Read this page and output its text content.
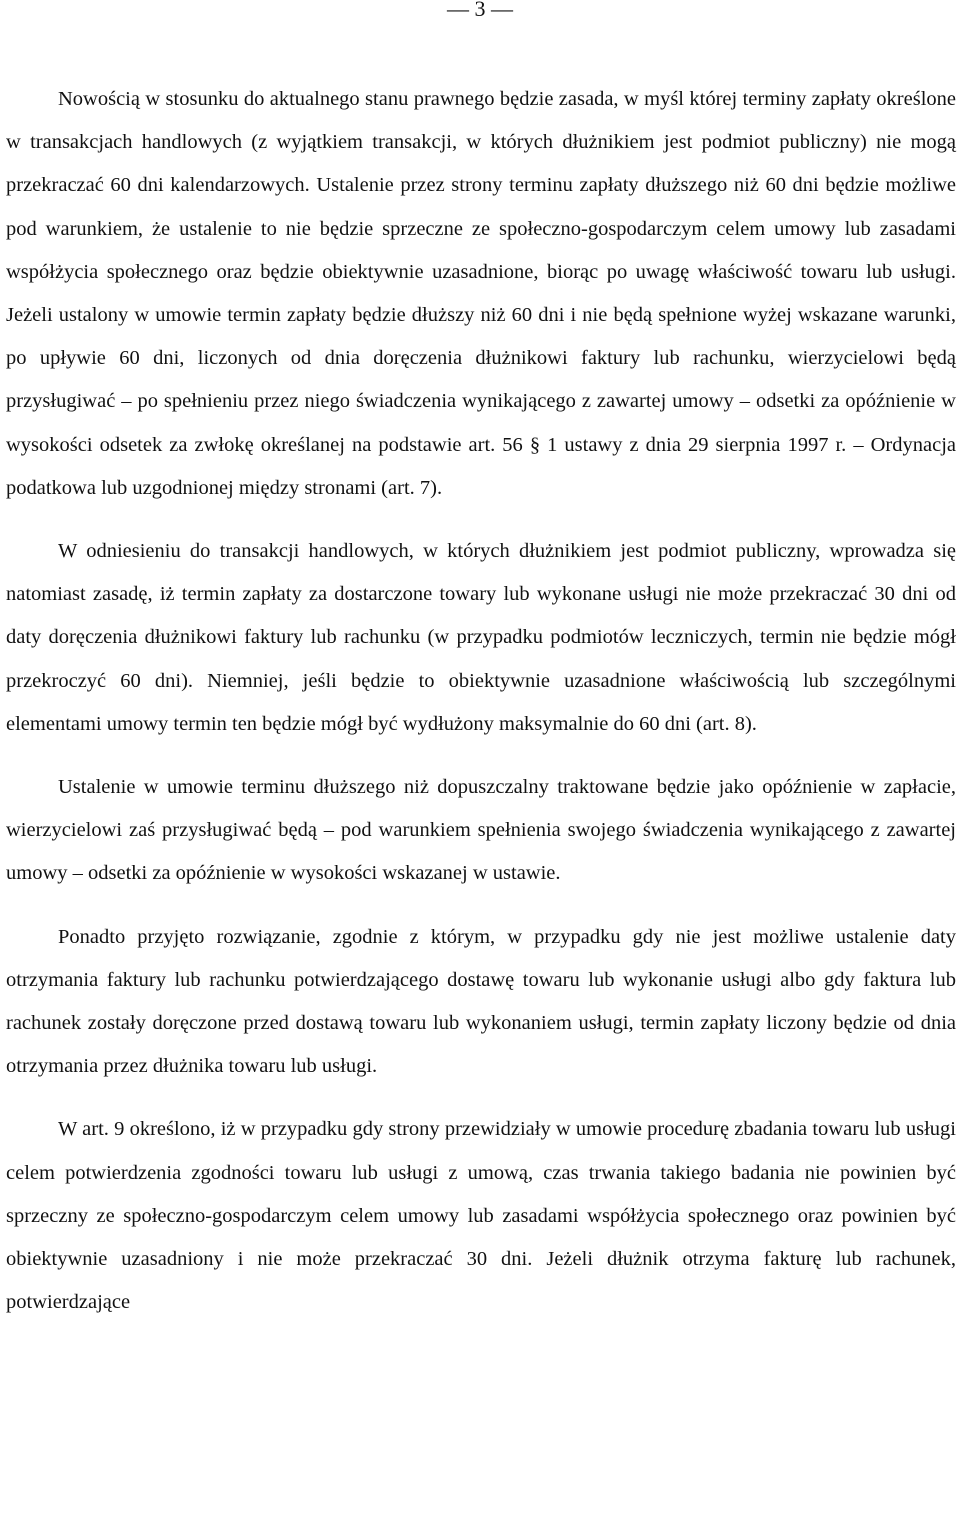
— 3 —

Nowością w stosunku do aktualnego stanu prawnego będzie zasada, w myśl której terminy zapłaty określone w transakcjach handlowych (z wyjątkiem transakcji, w których dłużnikiem jest podmiot publiczny) nie mogą przekraczać 60 dni kalendarzowych. Ustalenie przez strony terminu zapłaty dłuższego niż 60 dni będzie możliwe pod warunkiem, że ustalenie to nie będzie sprzeczne ze społeczno-gospodarczym celem umowy lub zasadami współżycia społecznego oraz będzie obiektywnie uzasadnione, biorąc po uwagę właściwość towaru lub usługi. Jeżeli ustalony w umowie termin zapłaty będzie dłuższy niż 60 dni i nie będą spełnione wyżej wskazane warunki, po upływie 60 dni, liczonych od dnia doręczenia dłużnikowi faktury lub rachunku, wierzycielowi będą przysługiwać – po spełnieniu przez niego świadczenia wynikającego z zawartej umowy – odsetki za opóźnienie w wysokości odsetek za zwłokę określanej na podstawie art. 56 § 1 ustawy z dnia 29 sierpnia 1997 r. – Ordynacja podatkowa lub uzgodnionej między stronami (art. 7).

W odniesieniu do transakcji handlowych, w których dłużnikiem jest podmiot publiczny, wprowadza się natomiast zasadę, iż termin zapłaty za dostarczone towary lub wykonane usługi nie może przekraczać 30 dni od daty doręczenia dłużnikowi faktury lub rachunku (w przypadku podmiotów leczniczych, termin nie będzie mógł przekroczyć 60 dni). Niemniej, jeśli będzie to obiektywnie uzasadnione właściwością lub szczególnymi elementami umowy termin ten będzie mógł być wydłużony maksymalnie do 60 dni (art. 8).

Ustalenie w umowie terminu dłuższego niż dopuszczalny traktowane będzie jako opóźnienie w zapłacie, wierzycielowi zaś przysługiwać będą – pod warunkiem spełnienia swojego świadczenia wynikającego z zawartej umowy – odsetki za opóźnienie w wysokości wskazanej w ustawie.

Ponadto przyjęto rozwiązanie, zgodnie z którym, w przypadku gdy nie jest możliwe ustalenie daty otrzymania faktury lub rachunku potwierdzającego dostawę towaru lub wykonanie usługi albo gdy faktura lub rachunek zostały doręczone przed dostawą towaru lub wykonaniem usługi, termin zapłaty liczony będzie od dnia otrzymania przez dłużnika towaru lub usługi.

W art. 9 określono, iż w przypadku gdy strony przewidziały w umowie procedurę zbadania towaru lub usługi celem potwierdzenia zgodności towaru lub usługi z umową, czas trwania takiego badania nie powinien być sprzeczny ze społeczno-gospodarczym celem umowy lub zasadami współżycia społecznego oraz powinien być obiektywnie uzasadniony i nie może przekraczać 30 dni. Jeżeli dłużnik otrzyma fakturę lub rachunek, potwierdzające
